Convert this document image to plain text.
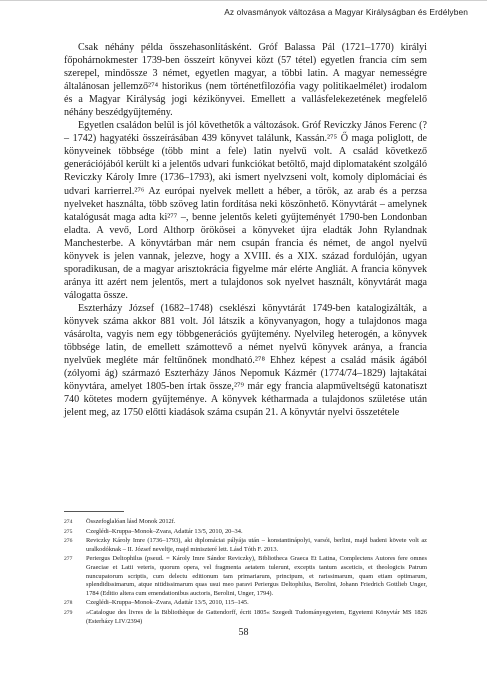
Az olvasmányok változása a Magyar Királyságban és Erdélyben

Csak néhány példa összehasonlításként. Gróf Balassa Pál (1721–1770) királyi főpohárnokmester 1739-ben összeírt könyvei közt (57 tétel) egyetlen francia cím sem szerepel, mindössze 3 német, egyetlen magyar, a többi latin. A magyar nemességre általánosan jellemző²⁷⁴ historikus (nem történetfilozófia vagy politikaelmélet) irodalom és a Magyar Királyság jogi kézikönyvei. Emellett a vallásfelekezetének megfelelő néhány beszédgyűjtemény.

Egyetlen családon belül is jól követhetők a változások. Gróf Reviczky János Ferenc (? – 1742) hagyatéki összeírásában 439 könyvet találunk, Kassán.²⁷⁵ Ő maga poliglott, de könyveinek többsége (több mint a fele) latin nyelvű volt. A család következő generációjából került ki a jelentős udvari funkciókat betöltő, majd diplomataként szolgáló Reviczky Károly Imre (1736–1793), aki ismert nyelvzseni volt, komoly diplomáciai és udvari karrierrel.²⁷⁶ Az európai nyelvek mellett a héber, a török, az arab és a perzsa nyelveket használta, több szöveg latin fordítása neki köszönhető. Könyvtárát – amelynek katalógusát maga adta ki²⁷⁷ –, benne jelentős keleti gyűjteményét 1790-ben Londonban eladta. A vevő, Lord Althorp örökösei a könyveket újra eladták John Rylandnak Manchesterbe. A könyvtárban már nem csupán francia és német, de angol nyelvű könyvek is jelen vannak, jelezve, hogy a XVIII. és a XIX. század fordulóján, ugyan sporadikusan, de a magyar arisztokrácia figyelme már elérte Angliát. A francia könyvek aránya itt azért nem jelentős, mert a tulajdonos sok nyelvet használt, könyvtárát maga válogatta össze.

Eszterházy József (1682–1748) cseklészi könyvtárát 1749-ben katalogizálták, a könyvek száma akkor 881 volt. Jól látszik a könyvanyagon, hogy a tulajdonos maga vásárolta, vagyis nem egy többgenerációs gyűjtemény. Nyelvileg heterogén, a könyvek többsége latin, de emellett számottevő a német nyelvű könyvek aránya, a francia nyelvűek megléte már feltűnőnek mondható.²⁷⁸ Ehhez képest a család másik ágából (zólyomi ág) származó Eszterházy János Nepomuk Kázmér (1774/74–1829) lajtakátai könyvtára, amelyet 1805-ben írtak össze,²⁷⁹ már egy francia alapműveltségű katonatiszt 740 kötetes modern gyűjteménye. A könyvek kétharmada a tulajdonos születése után jelent meg, az 1750 előtti kiadások száma csupán 21. A könyvtár nyelvi összetétele

274 Összefoglalóan lásd Monok 2012f.
275 Czeglédi–Kruppa–Monok–Zvara, Adattár 13/5, 2010, 20–34.
276 Reviczky Károly Imre (1736–1793), aki diplomáciai pályája után – konstantinápolyi, varsói, berlini, majd badeni követe volt az uralkodóknak – II. József neveltje, majd miniszteré lett. Lásd Tóth F. 2013.
277 Periergus Deltophilus (pseud. = Károly Imre Sándor Reviczky), Bibliotheca Graeca Et Latina, Complectens Autores fere omnes Graeciae et Latii veteris, quorum opera, vel fragmenta aetatem tulerunt, exceptis tantum asceticis, et theologicis Patrum nuncupatorum scriptis, cum delectu editionum tam primariarum, principum, et rarissimarum, quam etiam optimarum, splendidissimarum, atque nitidissimarum quas usui meo paravi Periergus Deltophilus, Berolini, Johann Friedrich Gottlieb Unger, 1784 (Editio altera cum emendationibus auctoris, Berolini, Unger, 1794).
278 Czeglédi–Kruppa–Monok–Zvara, Adattár 13/5, 2010, 115–145.
279 »Catalogue des livres de la Bibliothèque de Gattendorff, écrit 1805« Szegedi Tudományegyetem, Egyetemi Könyvtár MS 1826 (Esterházy LIV/2394)
58
